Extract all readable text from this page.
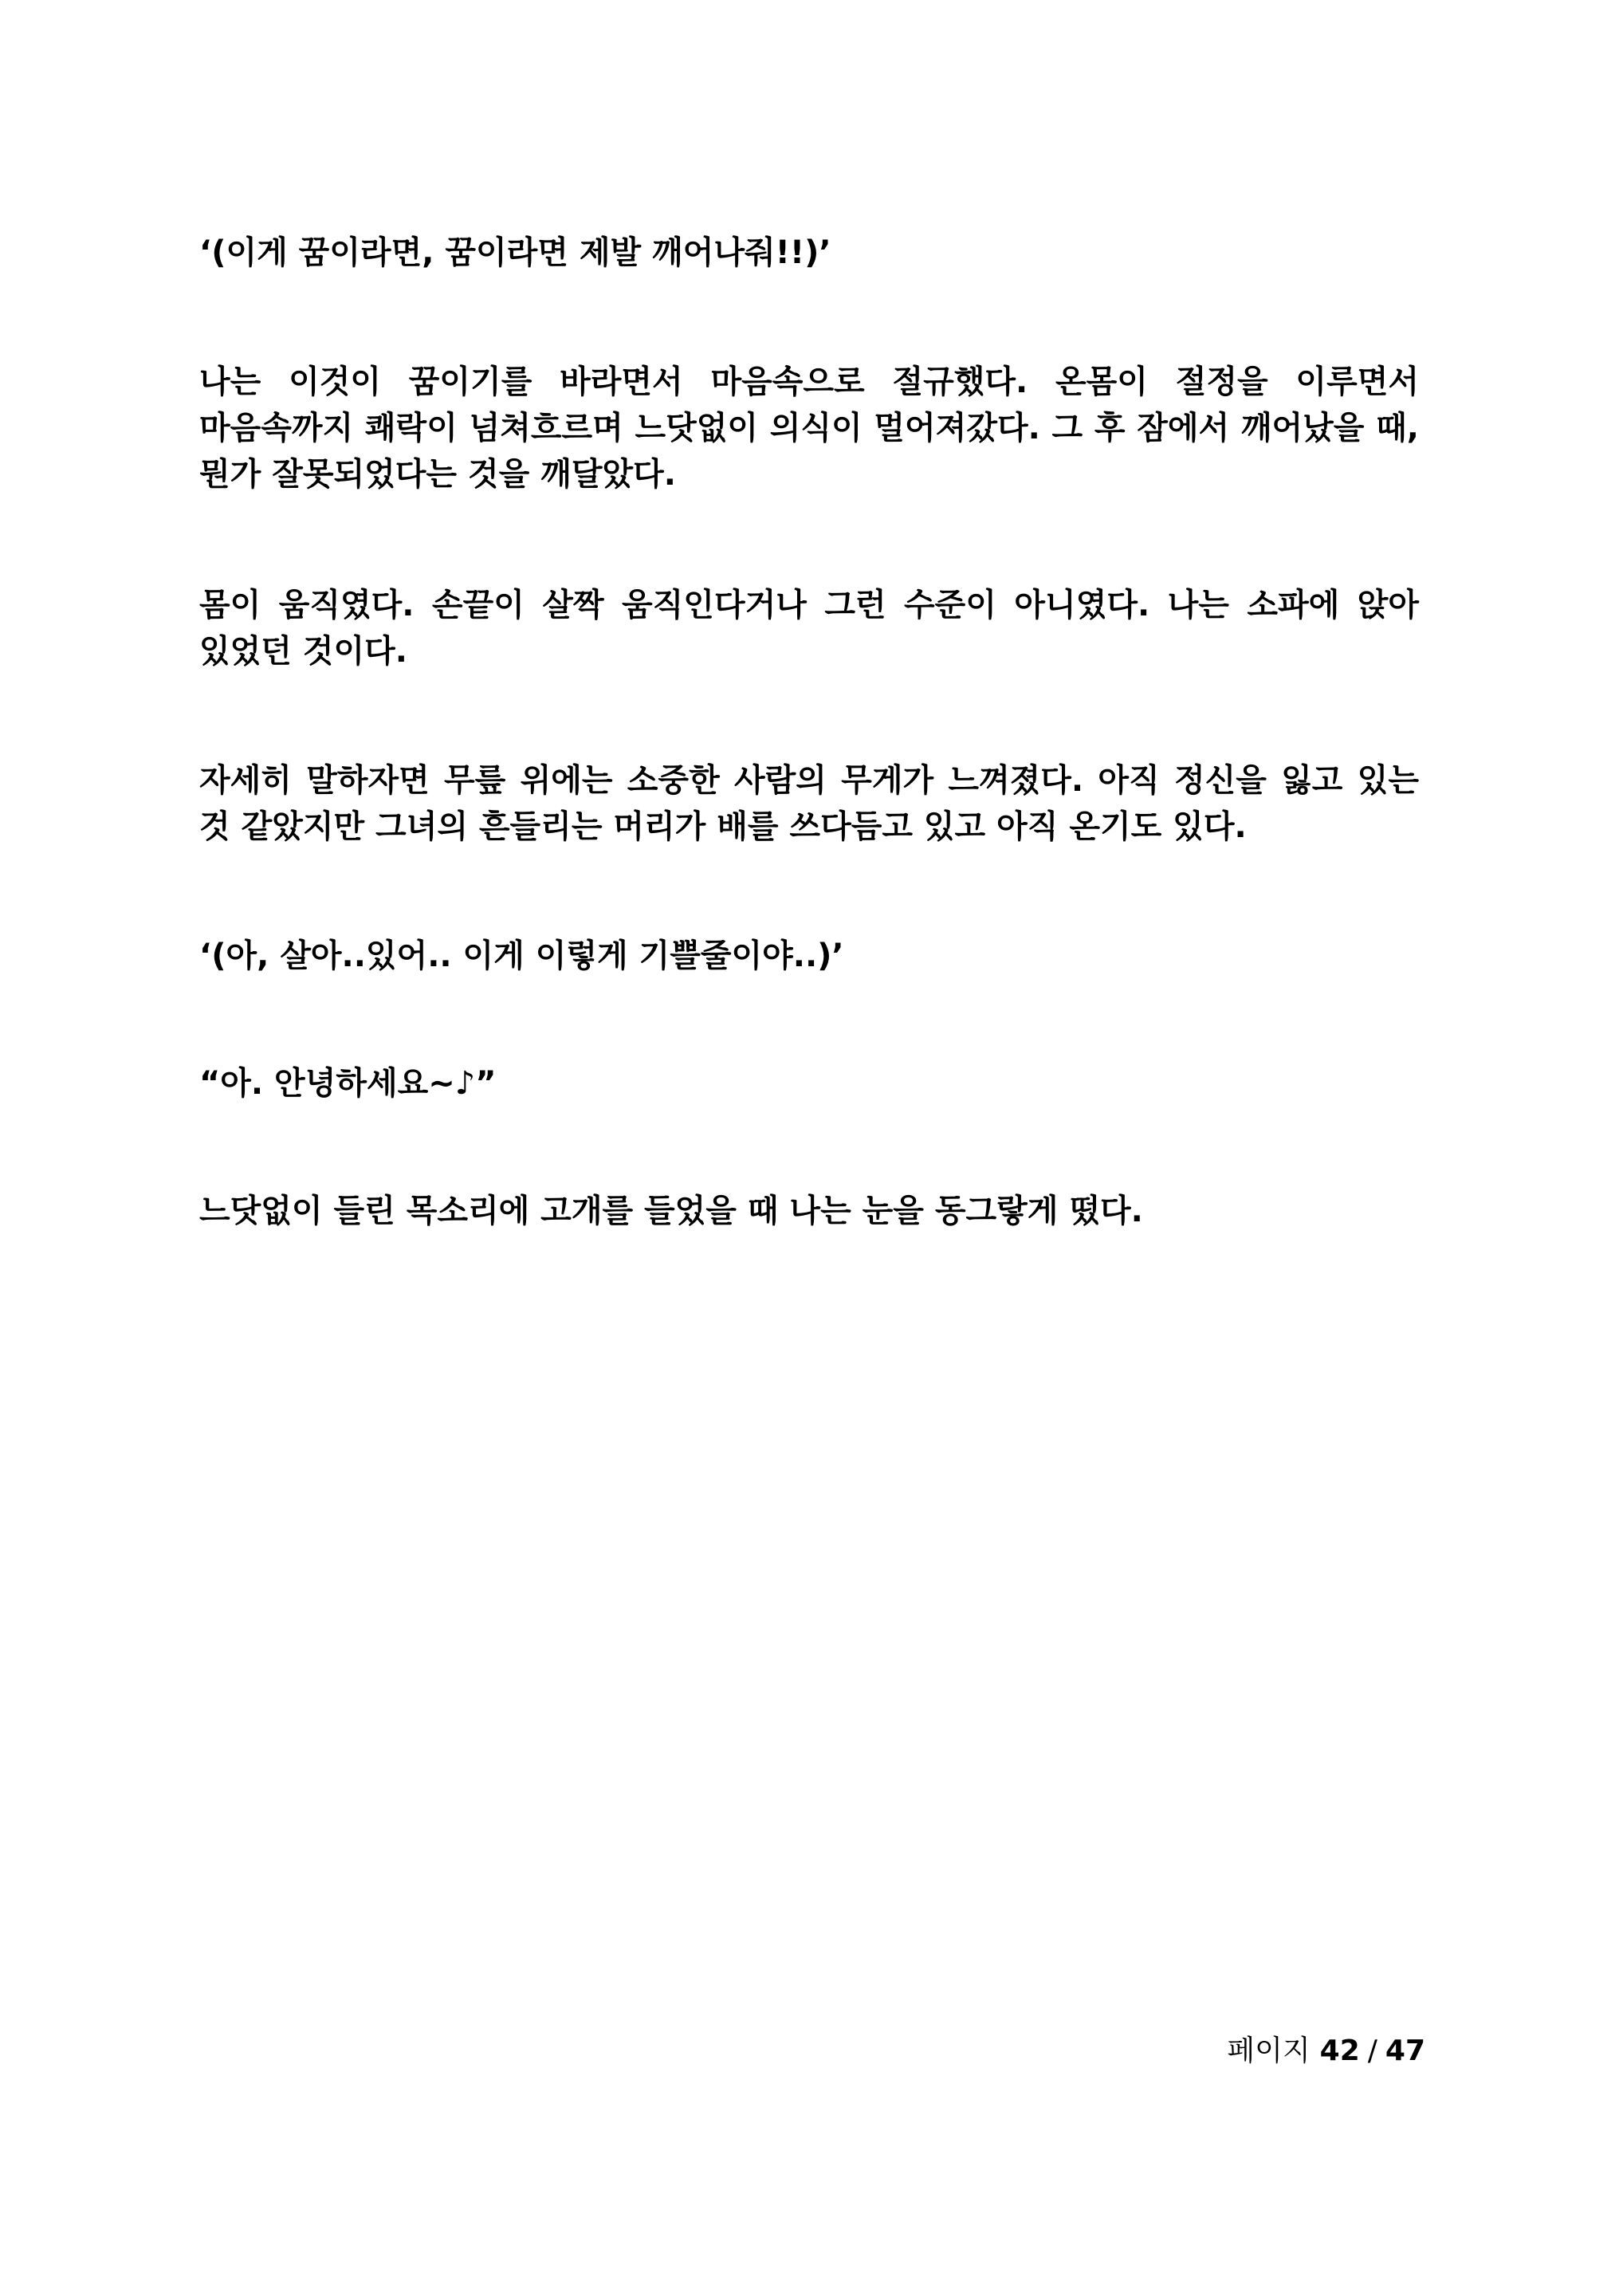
‘(이게 꿈이라면, 꿈이라면 제발 깨어나줘!!)’

나는 이것이 꿈이기를 바라면서 마음속으로 절규했다. 온몸이 절정을 이루면서 마음속까지 쾌락이 넘쳐흐르며 느닷없이 의식이 멀어져갔다. 그 후 잠에서 깨어났을 때, 뭔가 잘못되었다는 것을 깨달았다.

몸이 움직였다. 손끝이 살짝 움직인다거나 그런 수준이 아니였다. 나는 소파에 앉아 있었던 것이다.

자세히 말하자면 무릎 위에는 소중한 사람의 무게가 느껴졌다. 아직 정신을 잃고 있는 것 같았지만 그녀의 흔들리는 머리가 배를 쓰다듬고 있고 아직 온기도 있다.

‘(아, 살아..있어.. 이게 이렇게 기쁠줄이야..)’

“아. 안녕하세요~♪”

느닷없이 들린 목소리에 고개를 들었을 때 나는 눈을 동그랗게 떴다.

페이지 42 / 47
